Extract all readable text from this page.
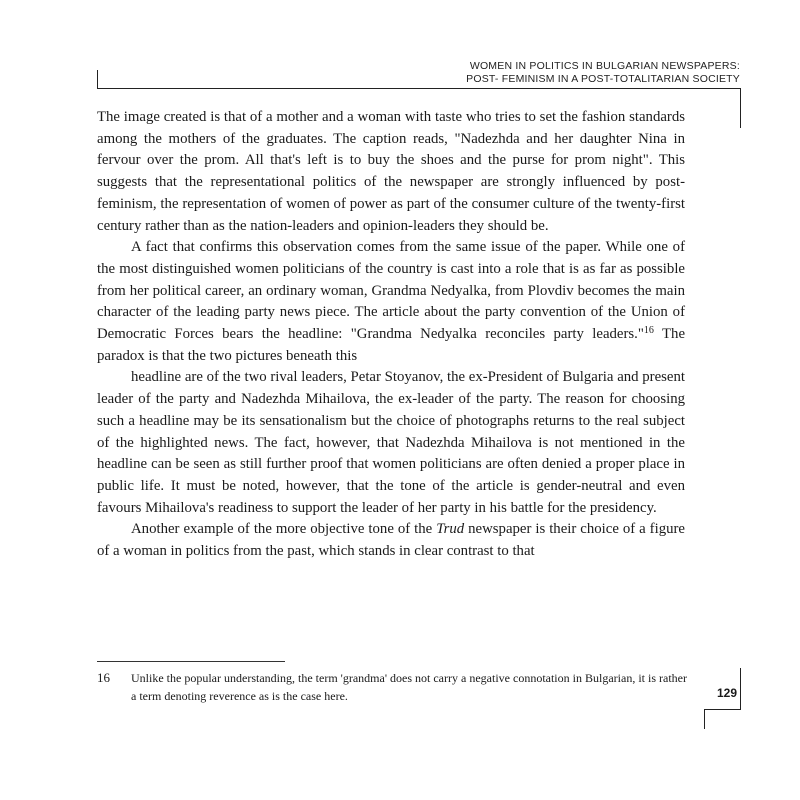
WOMEN IN POLITICS IN BULGARIAN NEWSPAPERS:
POST- FEMINISM IN A POST-TOTALITARIAN SOCIETY

The image created is that of a mother and a woman with taste who tries to set the fashion standards among the mothers of the graduates. The caption reads, "Nadezhda and her daughter Nina in fervour over the prom. All that's left is to buy the shoes and the purse for prom night". This suggests that the representational politics of the newspaper are strongly influenced by post-feminism, the representation of women of power as part of the consumer culture of the twenty-first century rather than as the nation-leaders and opinion-leaders they should be.

A fact that confirms this observation comes from the same issue of the paper. While one of the most distinguished women politicians of the country is cast into a role that is as far as possible from her political career, an ordinary woman, Grandma Nedyalka, from Plovdiv becomes the main character of the leading party news piece. The article about the party convention of the Union of Democratic Forces bears the headline: "Grandma Nedyalka reconciles party leaders."$^{16}$ The paradox is that the two pictures beneath this

headline are of the two rival leaders, Petar Stoyanov, the ex-President of Bulgaria and present leader of the party and Nadezhda Mihailova, the ex-leader of the party. The reason for choosing such a headline may be its sensationalism but the choice of photographs returns to the real subject of the highlighted news. The fact, however, that Nadezhda Mihailova is not mentioned in the headline can be seen as still further proof that women politicians are often denied a proper place in public life. It must be noted, however, that the tone of the article is gender-neutral and even favours Mihailova's readiness to support the leader of her party in his battle for the presidency.

Another example of the more objective tone of the Trud newspaper is their choice of a figure of a woman in politics from the past, which stands in clear contrast to that

16 Unlike the popular understanding, the term 'grandma' does not carry a negative connotation in Bulgarian, it is rather a term denoting reverence as is the case here.	129
